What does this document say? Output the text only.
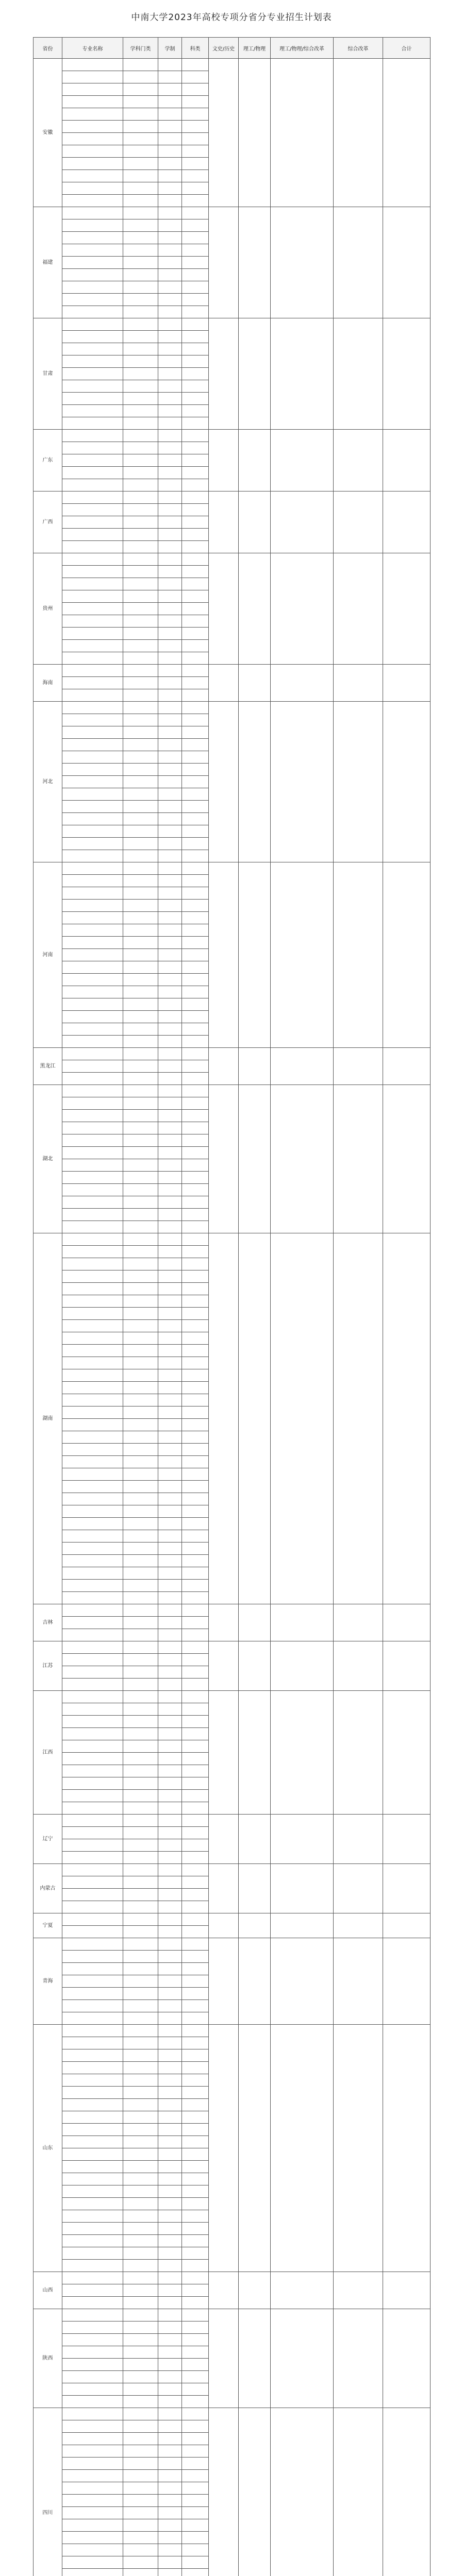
中南大学2023年高校专项分省分专业招生计划表
省份	专业名称	学科门类	学制	科类	文史/历史	理工/物理	理工/物理/综合改革	综合改革	合计
安徽									

福建									

甘肃									

广东									

广西									

贵州									

海南									

河北									

河南									

黑龙江									

湖北									

湖南									

吉林									

江苏									

江西									

辽宁									

内蒙古									

宁夏									

青海									

山东									

山西									

陕西									

四川									
